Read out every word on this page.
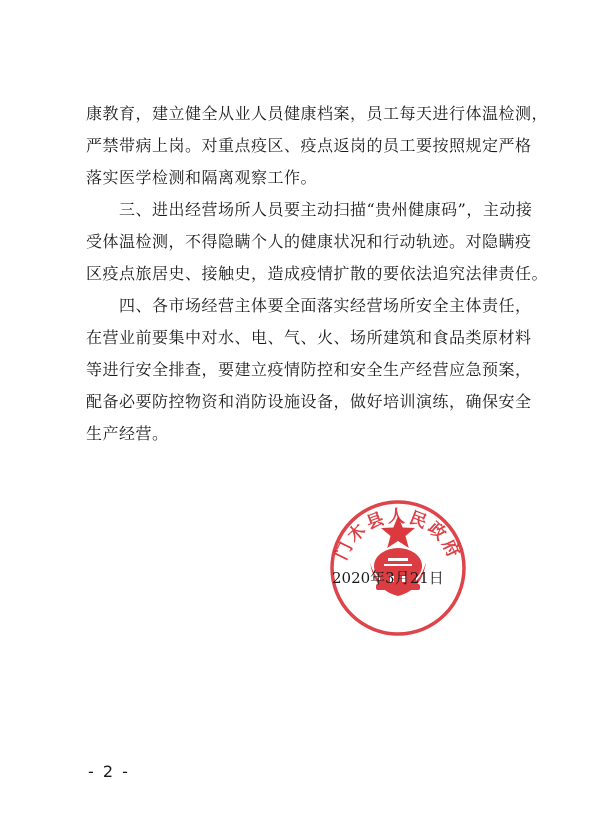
康教育，建立健全从业人员健康档案，员工每天进行体温检测，
严禁带病上岗。对重点疫区、疫点返岗的员工要按照规定严格
落实医学检测和隔离观察工作。
　　三、进出经营场所人员要主动扫描“贵州健康码”，主动接
受体温检测，不得隐瞒个人的健康状况和行动轨迹。对隐瞒疫
区疫点旅居史、接触史，造成疫情扩散的要依法追究法律责任。
　　四、各市场经营主体要全面落实经营场所安全主体责任，
在营业前要集中对水、电、气、火、场所建筑和食品类原材料
等进行安全排查，要建立疫情防控和安全生产经营应急预案，
配备必要防控物资和消防设施设备，做好培训演练，确保安全
生产经营。
门木县人民政府
2020年3月21日
- 2 -
